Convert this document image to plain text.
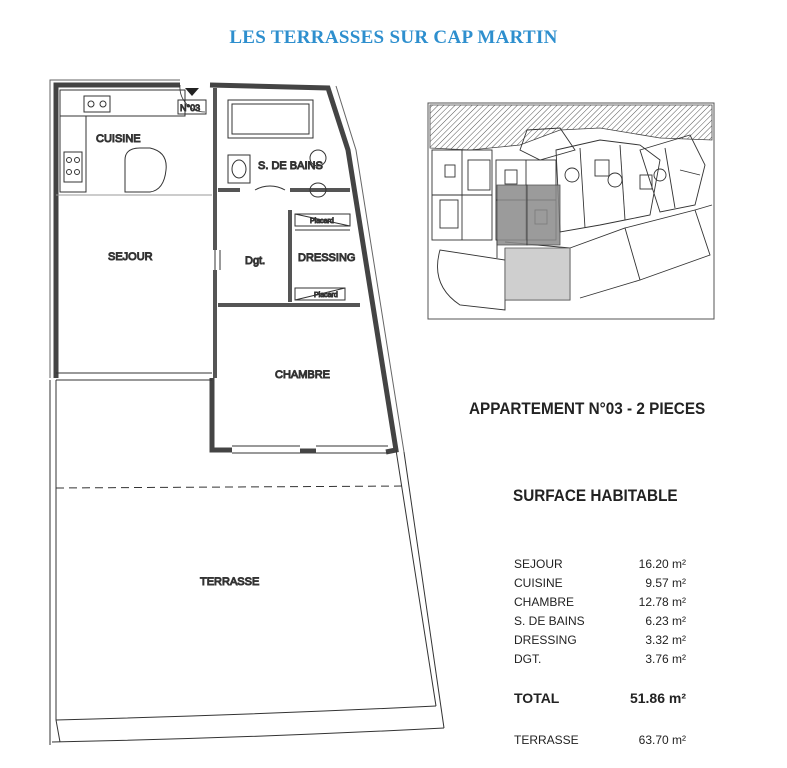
LES TERRASSES SUR CAP MARTIN
CUISINE
SEJOUR
S. DE BAINS
Dgt.	DRESSING
CHAMBRE
TERRASSE
N°03
Placard
Placard
APPARTEMENT N°03 - 2 PIECES
SURFACE HABITABLE
SEJOUR	16.20 m²
CUISINE	9.57 m²
CHAMBRE	12.78 m²
S. DE BAINS	6.23 m²
DRESSING	3.32 m²
DGT.	3.76 m²
TOTAL	51.86 m²
TERRASSE	63.70 m²
